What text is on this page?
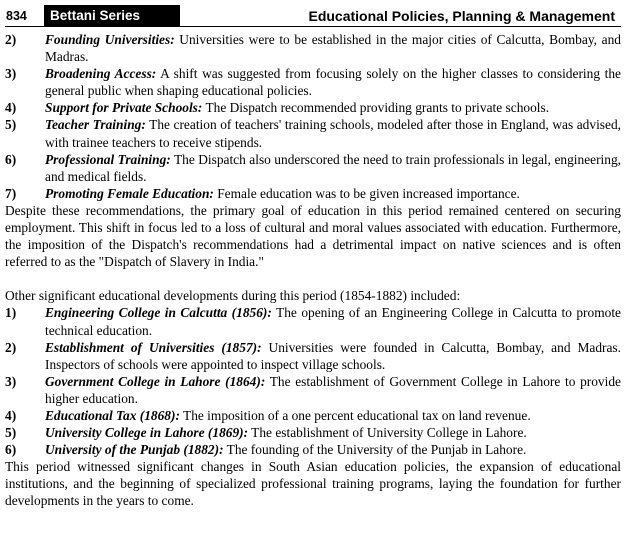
834	Bettani Series	Educational Policies, Planning & Management
2)	Founding Universities: Universities were to be established in the major cities of Calcutta, Bombay, and Madras.
3)	Broadening Access: A shift was suggested from focusing solely on the higher classes to considering the general public when shaping educational policies.
4)	Support for Private Schools: The Dispatch recommended providing grants to private schools.
5)	Teacher Training: The creation of teachers' training schools, modeled after those in England, was advised, with trainee teachers to receive stipends.
6)	Professional Training: The Dispatch also underscored the need to train professionals in legal, engineering, and medical fields.
7)	Promoting Female Education: Female education was to be given increased importance.
Despite these recommendations, the primary goal of education in this period remained centered on securing employment. This shift in focus led to a loss of cultural and moral values associated with education. Furthermore, the imposition of the Dispatch's recommendations had a detrimental impact on native sciences and is often referred to as the "Dispatch of Slavery in India."
Other significant educational developments during this period (1854-1882) included:
1)	Engineering College in Calcutta (1856): The opening of an Engineering College in Calcutta to promote technical education.
2)	Establishment of Universities (1857): Universities were founded in Calcutta, Bombay, and Madras. Inspectors of schools were appointed to inspect village schools.
3)	Government College in Lahore (1864): The establishment of Government College in Lahore to provide higher education.
4)	Educational Tax (1868): The imposition of a one percent educational tax on land revenue.
5)	University College in Lahore (1869): The establishment of University College in Lahore.
6)	University of the Punjab (1882): The founding of the University of the Punjab in Lahore.
This period witnessed significant changes in South Asian education policies, the expansion of educational institutions, and the beginning of specialized professional training programs, laying the foundation for further developments in the years to come.
